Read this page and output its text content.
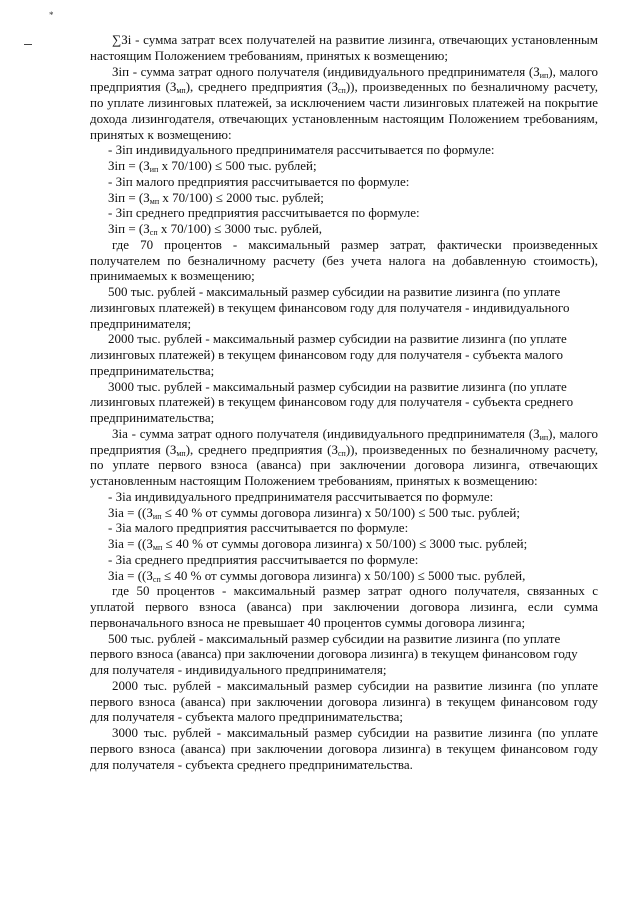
*

∑Зі - сумма затрат всех получателей на развитие лизинга, отвечающих установленным настоящим Положением требованиям, принятых к возмещению;

Зіп - сумма затрат одного получателя (индивидуального предпринимателя $(З_{ип})$, малого предприятия $(З_{мп})$, среднего предприятия $(З_{сп})$), произведенных по безналичному расчету, по уплате лизинговых платежей, за исключением части лизинговых платежей на покрытие дохода лизингодателя, отвечающих установленным настоящим Положением требованиям, принятых к возмещению:

- Зіп индивидуального предпринимателя рассчитывается по формуле:

Зіп = ($З_{ип}$ х 70/100) ≤ 500 тыс. рублей;

- Зіп малого предприятия рассчитывается по формуле:

Зіп = ($З_{мп}$ х 70/100) ≤ 2000 тыс. рублей;

- Зіп среднего предприятия рассчитывается по формуле:

Зіп = ($З_{сп}$ х 70/100) ≤ 3000 тыс. рублей,

где 70 процентов - максимальный размер затрат, фактически произведенных получателем по безналичному расчету (без учета налога на добавленную стоимость), принимаемых к возмещению;

500 тыс. рублей - максимальный размер субсидии на развитие лизинга (по уплате лизинговых платежей) в текущем финансовом году для получателя - индивидуального предпринимателя;

2000 тыс. рублей - максимальный размер субсидии на развитие лизинга (по уплате лизинговых платежей) в текущем финансовом году для получателя - субъекта малого предпринимательства;

3000 тыс. рублей - максимальный размер субсидии на развитие лизинга (по уплате лизинговых платежей) в текущем финансовом году для получателя - субъекта среднего предпринимательства;

Зіа - сумма затрат одного получателя (индивидуального предпринимателя $(З_{ип})$, малого предприятия $(З_{мп})$, среднего предприятия $(З_{сп})$), произведенных по безналичному расчету, по уплате первого взноса (аванса) при заключении договора лизинга, отвечающих установленным настоящим Положением требованиям, принятых к возмещению:

- Зіа индивидуального предпринимателя рассчитывается по формуле:

Зіа = (($З_{ип} \le 40$ % от суммы договора лизинга) х 50/100) ≤ 500 тыс. рублей;

- Зіа малого предприятия рассчитывается по формуле:

Зіа = (($З_{мп} \le 40$ % от суммы договора лизинга) х 50/100) ≤ 3000 тыс. рублей;

- Зіа среднего предприятия рассчитывается по формуле:

Зіа = (($З_{сп} \le 40$ % от суммы договора лизинга) х 50/100) ≤ 5000 тыс. рублей,

где 50 процентов - максимальный размер затрат одного получателя, связанных с уплатой первого взноса (аванса) при заключении договора лизинга, если сумма первоначального взноса не превышает 40 процентов суммы договора лизинга;

500 тыс. рублей - максимальный размер субсидии на развитие лизинга (по уплате первого взноса (аванса) при заключении договора лизинга) в текущем финансовом году для получателя - индивидуального предпринимателя;

2000 тыс. рублей - максимальный размер субсидии на развитие лизинга (по уплате первого взноса (аванса) при заключении договора лизинга) в текущем финансовом году для получателя - субъекта малого предпринимательства;

3000 тыс. рублей - максимальный размер субсидии на развитие лизинга (по уплате первого взноса (аванса) при заключении договора лизинга) в текущем финансовом году для получателя - субъекта среднего предпринимательства.
